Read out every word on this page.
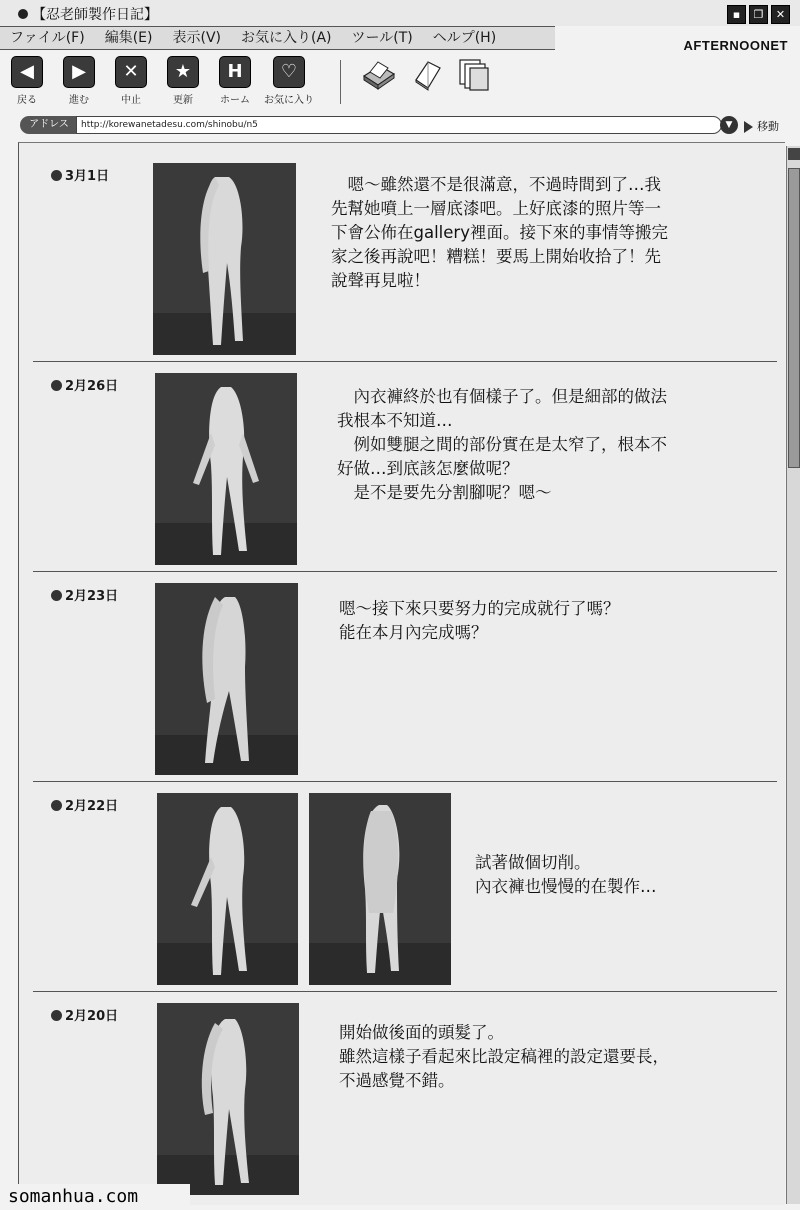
【忍老師製作日記】	▪	❐	✕
ファイル(F)	編集(E)	表示(V)	お気に入り(A)	ツール(T)	ヘルプ(H)	AFTERNOONET
◀
戻る
▶
進む
✕
中止
★
更新
H
ホーム
♡
お気に入り
アドレス	http://korewanetadesu.com/shinobu/n5	▼	移動
3月1日	　嗯～雖然還不是很滿意，不過時間到了…我

先幫她噴上一層底漆吧。上好底漆的照片等一

下會公佈在gallery裡面。接下來的事情等搬完

家之後再說吧！糟糕！要馬上開始收拾了！先

說聲再見啦！

2月26日

　內衣褲終於也有個樣子了。但是細部的做法

我根本不知道…

　例如雙腿之間的部份實在是太窄了，根本不

好做…到底該怎麼做呢？

　是不是要先分割腳呢？嗯～

2月23日

嗯～接下來只要努力的完成就行了嗎？

能在本月內完成嗎？

2月22日

試著做個切削。

內衣褲也慢慢的在製作…

2月20日

開始做後面的頭髮了。

雖然這樣子看起來比設定稿裡的設定還要長，

不過感覺不錯。

somanhua.com
